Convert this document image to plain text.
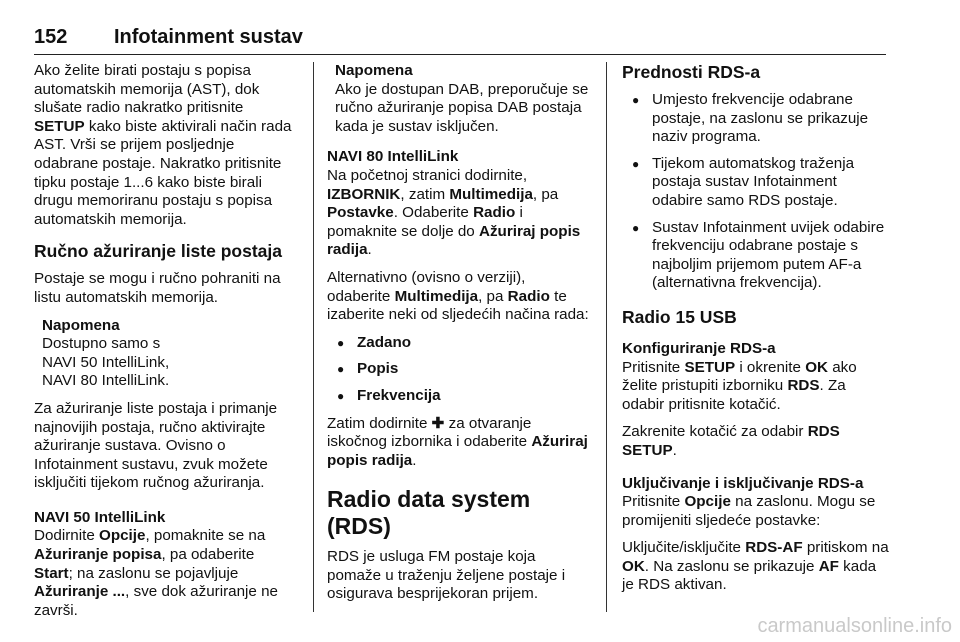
152 Infotainment sustav

Ako želite birati postaju s popisa automatskih memorija (AST), dok slušate radio nakratko pritisnite SETUP kako biste aktivirali način rada AST. Vrši se prijem posljednje odabrane postaje. Nakratko pritisnite tipku postaje 1...6 kako biste birali drugu memoriranu postaju s popisa automatskih memorija.

Ručno ažuriranje liste postaja

Postaje se mogu i ručno pohraniti na listu automatskih memorija.

Napomena
Dostupno samo s
NAVI 50 IntelliLink,
NAVI 80 IntelliLink.

Za ažuriranje liste postaja i primanje najnovijih postaja, ručno aktivirajte ažuriranje sustava. Ovisno o Infotainment sustavu, zvuk možete isključiti tijekom ručnog ažuriranja.

NAVI 50 IntelliLink

Dodirnite Opcije, pomaknite se na Ažuriranje popisa, pa odaberite Start; na zaslonu se pojavljuje Ažuriranje ..., sve dok ažuriranje ne završi.

Napomena
Ako je dostupan DAB, preporučuje se ručno ažuriranje popisa DAB postaja kada je sustav isključen.
NAVI 80 IntelliLink

Na početnoj stranici dodirnite, IZBORNIK, zatim Multimedija, pa Postavke. Odaberite Radio i pomaknite se dolje do Ažuriraj popis radija.

Alternativno (ovisno o verziji), odaberite Multimedija, pa Radio te izaberite neki od sljedećih načina rada:

● Zadano
● Popis
● Frekvencija

Zatim dodirnite ✚ za otvaranje iskočnog izbornika i odaberite Ažuriraj popis radija.

Radio data system (RDS)

RDS je usluga FM postaje koja pomaže u traženju željene postaje i osigurava besprijekoran prijem.

Prednosti RDS-a
● Umjesto frekvencije odabrane postaje, na zaslonu se prikazuje naziv programa.
● Tijekom automatskog traženja postaja sustav Infotainment odabire samo RDS postaje.
● Sustav Infotainment uvijek odabire frekvenciju odabrane postaje s najboljim prijemom putem AF-a (alternativna frekvencija).
Radio 15 USB
Konfiguriranje RDS-a

Pritisnite SETUP i okrenite OK ako želite pristupiti izborniku RDS. Za odabir pritisnite kotačić.

Zakrenite kotačić za odabir RDS SETUP.

Uključivanje i isključivanje RDS-a

Pritisnite Opcije na zaslonu. Mogu se promijeniti sljedeće postavke:

Uključite/isključite RDS-AF pritiskom na OK. Na zaslonu se prikazuje AF kada je RDS aktivan.

carmanualsonline.info
